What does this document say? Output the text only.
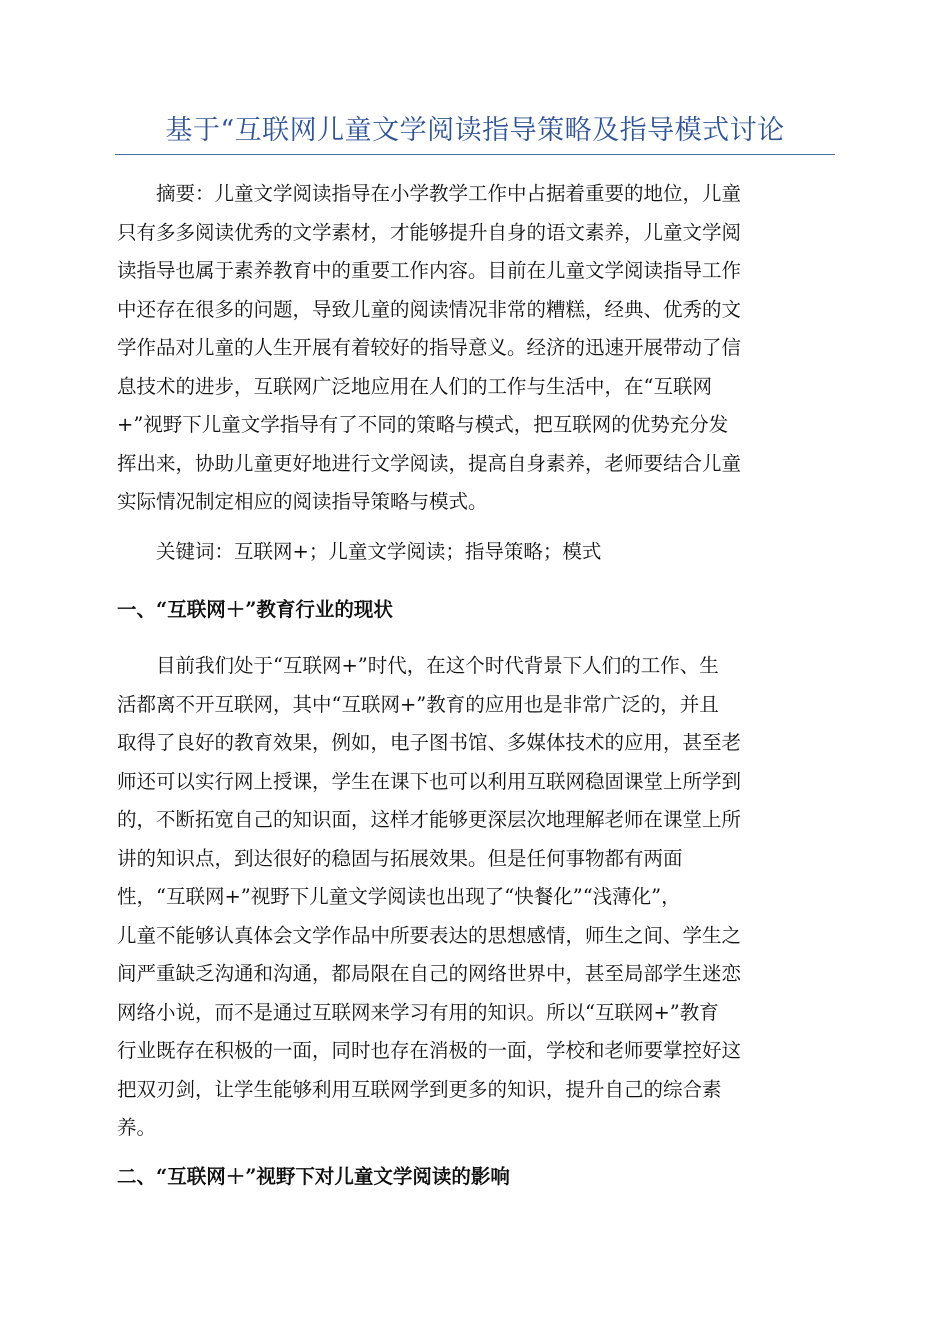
基于“互联网儿童文学阅读指导策略及指导模式讨论

摘要：儿童文学阅读指导在小学教学工作中占据着重要的地位，儿童
只有多多阅读优秀的文学素材，才能够提升自身的语文素养，儿童文学阅
读指导也属于素养教育中的重要工作内容。目前在儿童文学阅读指导工作
中还存在很多的问题，导致儿童的阅读情况非常的糟糕，经典、优秀的文
学作品对儿童的人生开展有着较好的指导意义。经济的迅速开展带动了信
息技术的进步，互联网广泛地应用在人们的工作与生活中，在“互联网
+”视野下儿童文学指导有了不同的策略与模式，把互联网的优势充分发
挥出来，协助儿童更好地进行文学阅读，提高自身素养，老师要结合儿童
实际情况制定相应的阅读指导策略与模式。

关键词：互联网+；儿童文学阅读；指导策略；模式

一、“互联网＋”教育行业的现状

目前我们处于“互联网+”时代，在这个时代背景下人们的工作、生
活都离不开互联网，其中“互联网+”教育的应用也是非常广泛的，并且
取得了良好的教育效果，例如，电子图书馆、多媒体技术的应用，甚至老
师还可以实行网上授课，学生在课下也可以利用互联网稳固课堂上所学到
的，不断拓宽自己的知识面，这样才能够更深层次地理解老师在课堂上所
讲的知识点，到达很好的稳固与拓展效果。但是任何事物都有两面
性，“互联网+”视野下儿童文学阅读也出现了“快餐化”“浅薄化”，
儿童不能够认真体会文学作品中所要表达的思想感情，师生之间、学生之
间严重缺乏沟通和沟通，都局限在自己的网络世界中，甚至局部学生迷恋
网络小说，而不是通过互联网来学习有用的知识。所以“互联网+”教育
行业既存在积极的一面，同时也存在消极的一面，学校和老师要掌控好这
把双刃剑，让学生能够利用互联网学到更多的知识，提升自己的综合素
养。

二、“互联网＋”视野下对儿童文学阅读的影响
